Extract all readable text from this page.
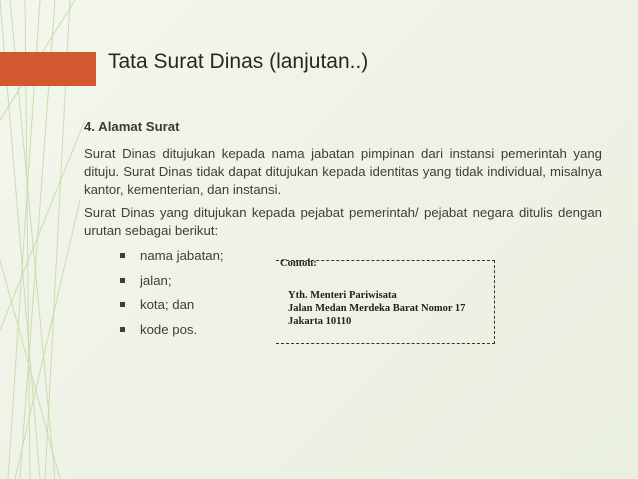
Tata Surat Dinas (lanjutan..)
4. Alamat Surat

Surat Dinas ditujukan kepada nama jabatan pimpinan dari instansi pemerintah yang dituju. Surat Dinas tidak dapat ditujukan kepada identitas yang tidak individual, misalnya kantor, kementerian, dan instansi.

Surat Dinas yang ditujukan kepada pejabat pemerintah/ pejabat negara ditulis dengan urutan sebagai berikut:

nama jabatan;
jalan;
kota; dan
kode pos.
Contoh:
Yth. Menteri Pariwisata
Jalan Medan Merdeka Barat Nomor 17
Jakarta 10110
